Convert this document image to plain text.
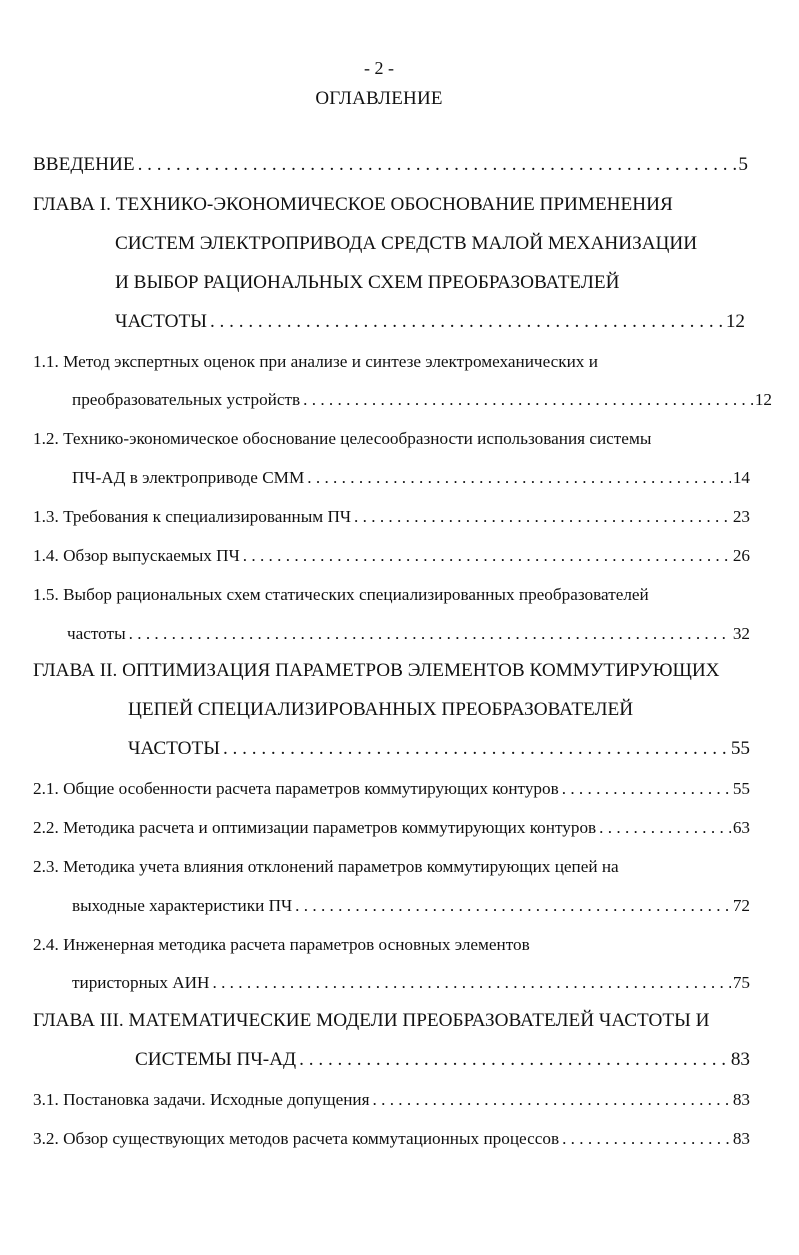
- 2 -
ОГЛАВЛЕНИЕ
ВВЕДЕНИЕ . . .	5
ГЛАВА I. ТЕХНИКО-ЭКОНОМИЧЕСКОЕ ОБОСНОВАНИЕ ПРИМЕНЕНИЯ
СИСТЕМ ЭЛЕКТРОПРИВОДА СРЕДСТВ МАЛОЙ МЕХАНИЗАЦИИ
И ВЫБОР РАЦИОНАЛЬНЫХ СХЕМ ПРЕОБРАЗОВАТЕЛЕЙ
ЧАСТОТЫ . . .	12
1.1. Метод экспертных оценок при анализе и синтезе электромеханических и
преобразовательных устройств . . .	12
1.2. Технико-экономическое обоснование целесообразности использования системы
ПЧ-АД в электроприводе СММ . . .	14
1.3. Требования к специализированным ПЧ . . .	23
1.4. Обзор выпускаемых ПЧ . . .	26
1.5. Выбор рациональных схем статических специализированных преобразователей
частоты . . .	32
ГЛАВА II. ОПТИМИЗАЦИЯ ПАРАМЕТРОВ ЭЛЕМЕНТОВ КОММУТИРУЮЩИХ
ЦЕПЕЙ СПЕЦИАЛИЗИРОВАННЫХ ПРЕОБРАЗОВАТЕЛЕЙ
ЧАСТОТЫ . . .	55
2.1. Общие особенности расчета параметров коммутирующих контуров . . .	55
2.2. Методика расчета и оптимизации параметров коммутирующих контуров . . .	63
2.3. Методика учета влияния отклонений параметров коммутирующих цепей на
выходные характеристики ПЧ . . .	72
2.4. Инженерная методика расчета параметров основных элементов
тиристорных АИН . . .	75
ГЛАВА III. МАТЕМАТИЧЕСКИЕ МОДЕЛИ ПРЕОБРАЗОВАТЕЛЕЙ ЧАСТОТЫ И
СИСТЕМЫ ПЧ-АД . . .	83
3.1. Постановка задачи. Исходные допущения . . .	83
3.2. Обзор существующих методов расчета коммутационных процессов . . .	83
